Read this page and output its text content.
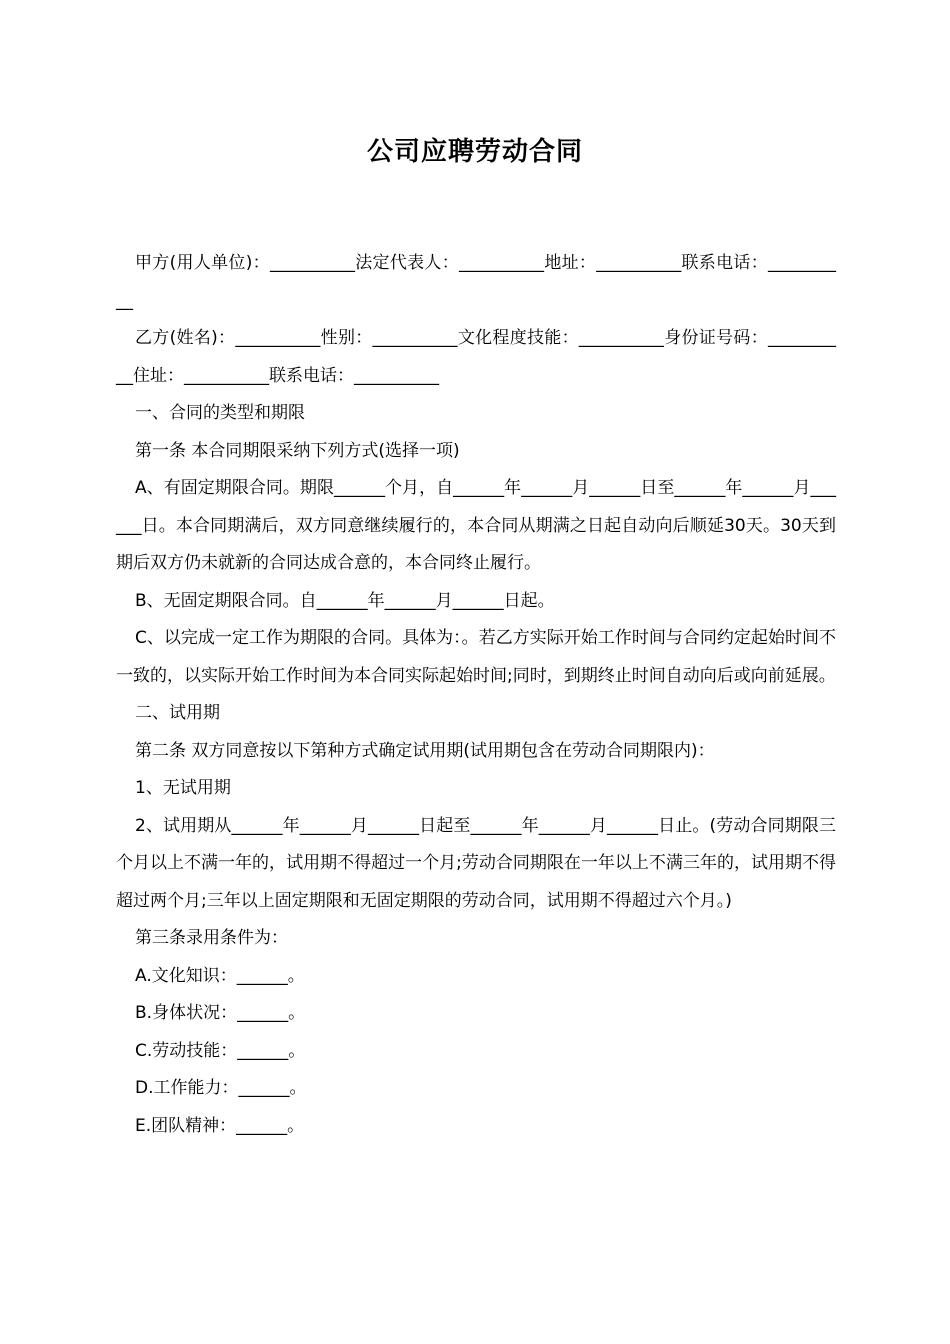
公司应聘劳动合同

甲方(用人单位)：__________法定代表人：__________地址：__________联系电话：__________

乙方(姓名)：__________性别：__________文化程度技能：__________身份证号码：__________住址：__________联系电话：__________

一、合同的类型和期限

第一条 本合同期限采纳下列方式(选择一项)

A、有固定期限合同。期限______个月，自______年______月______日至______年______月______日。本合同期满后，双方同意继续履行的，本合同从期满之日起自动向后顺延30天。30天到期后双方仍未就新的合同达成合意的，本合同终止履行。

B、无固定期限合同。自______年______月______日起。

C、以完成一定工作为期限的合同。具体为：。若乙方实际开始工作时间与合同约定起始时间不一致的，以实际开始工作时间为本合同实际起始时间;同时，到期终止时间自动向后或向前延展。

二、试用期

第二条 双方同意按以下第种方式确定试用期(试用期包含在劳动合同期限内)：

1、无试用期

2、试用期从______年______月______日起至______年______月______日止。(劳动合同期限三个月以上不满一年的，试用期不得超过一个月;劳动合同期限在一年以上不满三年的，试用期不得超过两个月;三年以上固定期限和无固定期限的劳动合同，试用期不得超过六个月。)

第三条录用条件为：

A.文化知识：______。

B.身体状况：______。

C.劳动技能：______。

D.工作能力：______。

E.团队精神：______。
